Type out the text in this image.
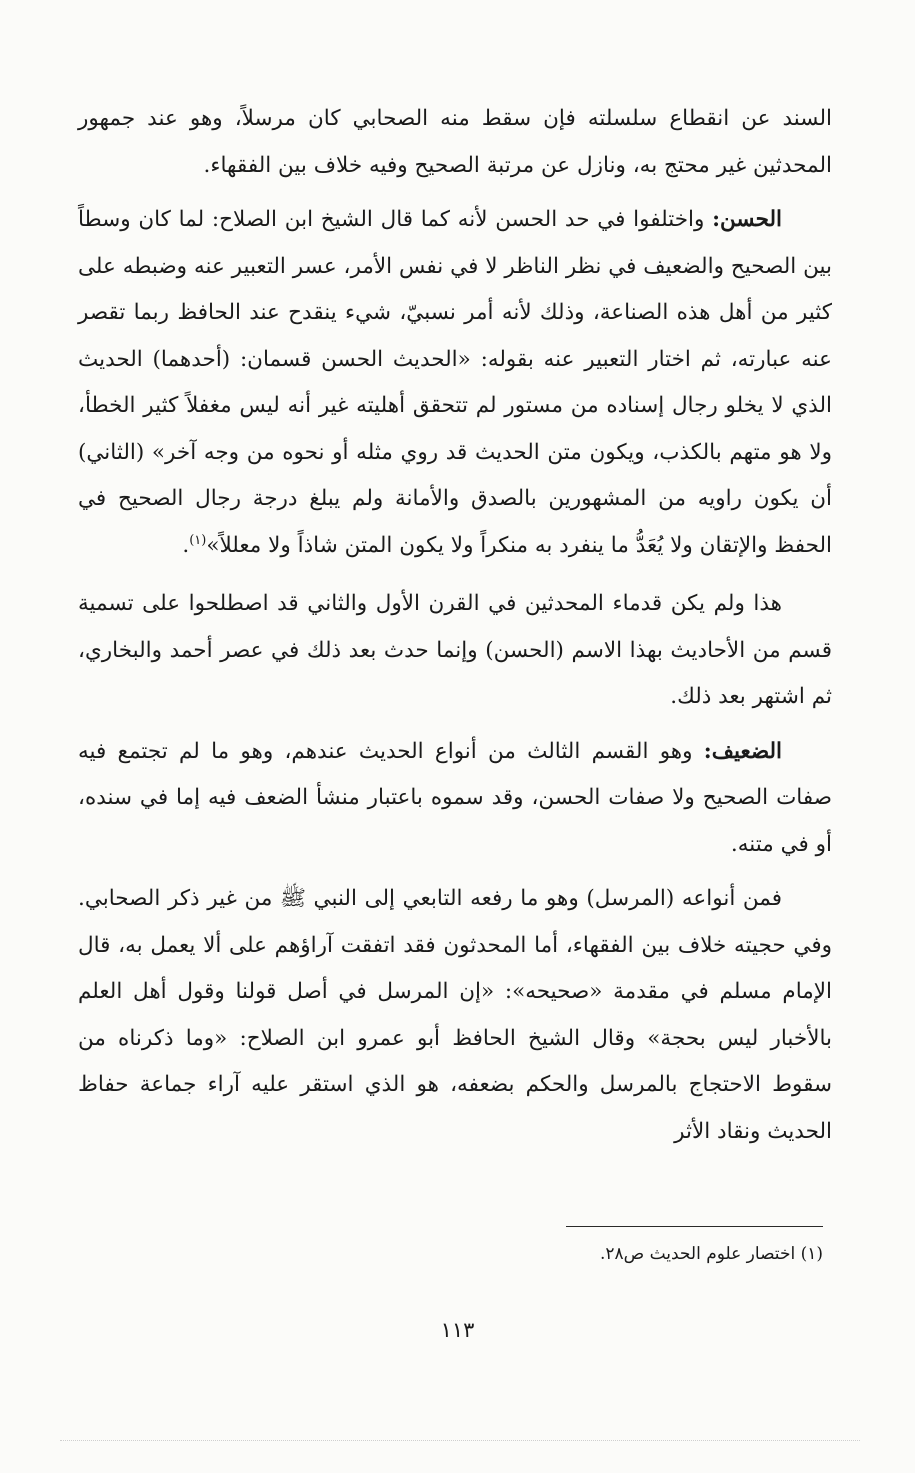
السند عن انقطاع سلسلته فإن سقط منه الصحابي كان مرسلاً، وهو عند جمهور المحدثين غير محتج به، ونازل عن مرتبة الصحيح وفيه خلاف بين الفقهاء.

الحسن: واختلفوا في حد الحسن لأنه كما قال الشيخ ابن الصلاح: لما كان وسطاً بين الصحيح والضعيف في نظر الناظر لا في نفس الأمر، عسر التعبير عنه وضبطه على كثير من أهل هذه الصناعة، وذلك لأنه أمر نسبيّ، شيء ينقدح عند الحافظ ربما تقصر عنه عبارته، ثم اختار التعبير عنه بقوله: «الحديث الحسن قسمان: (أحدهما) الحديث الذي لا يخلو رجال إسناده من مستور لم تتحقق أهليته غير أنه ليس مغفلاً كثير الخطأ، ولا هو متهم بالكذب، ويكون متن الحديث قد روي مثله أو نحوه من وجه آخر» (الثاني) أن يكون راويه من المشهورين بالصدق والأمانة ولم يبلغ درجة رجال الصحيح في الحفظ والإتقان ولا يُعَدُّ ما ينفرد به منكراً ولا يكون المتن شاذاً ولا معللاً»$^{(١)}$.

هذا ولم يكن قدماء المحدثين في القرن الأول والثاني قد اصطلحوا على تسمية قسم من الأحاديث بهذا الاسم (الحسن) وإنما حدث بعد ذلك في عصر أحمد والبخاري، ثم اشتهر بعد ذلك.

الضعيف: وهو القسم الثالث من أنواع الحديث عندهم، وهو ما لم تجتمع فيه صفات الصحيح ولا صفات الحسن، وقد سموه باعتبار منشأ الضعف فيه إما في سنده، أو في متنه.

فمن أنواعه (المرسل) وهو ما رفعه التابعي إلى النبي ﷺ من غير ذكر الصحابي. وفي حجيته خلاف بين الفقهاء، أما المحدثون فقد اتفقت آراؤهم على ألا يعمل به، قال الإمام مسلم في مقدمة «صحيحه»: «إن المرسل في أصل قولنا وقول أهل العلم بالأخبار ليس بحجة» وقال الشيخ الحافظ أبو عمرو ابن الصلاح: «وما ذكرناه من سقوط الاحتجاج بالمرسل والحكم بضعفه، هو الذي استقر عليه آراء جماعة حفاظ الحديث ونقاد الأثر

(١) اختصار علوم الحديث ص٢٨.
١١٣
